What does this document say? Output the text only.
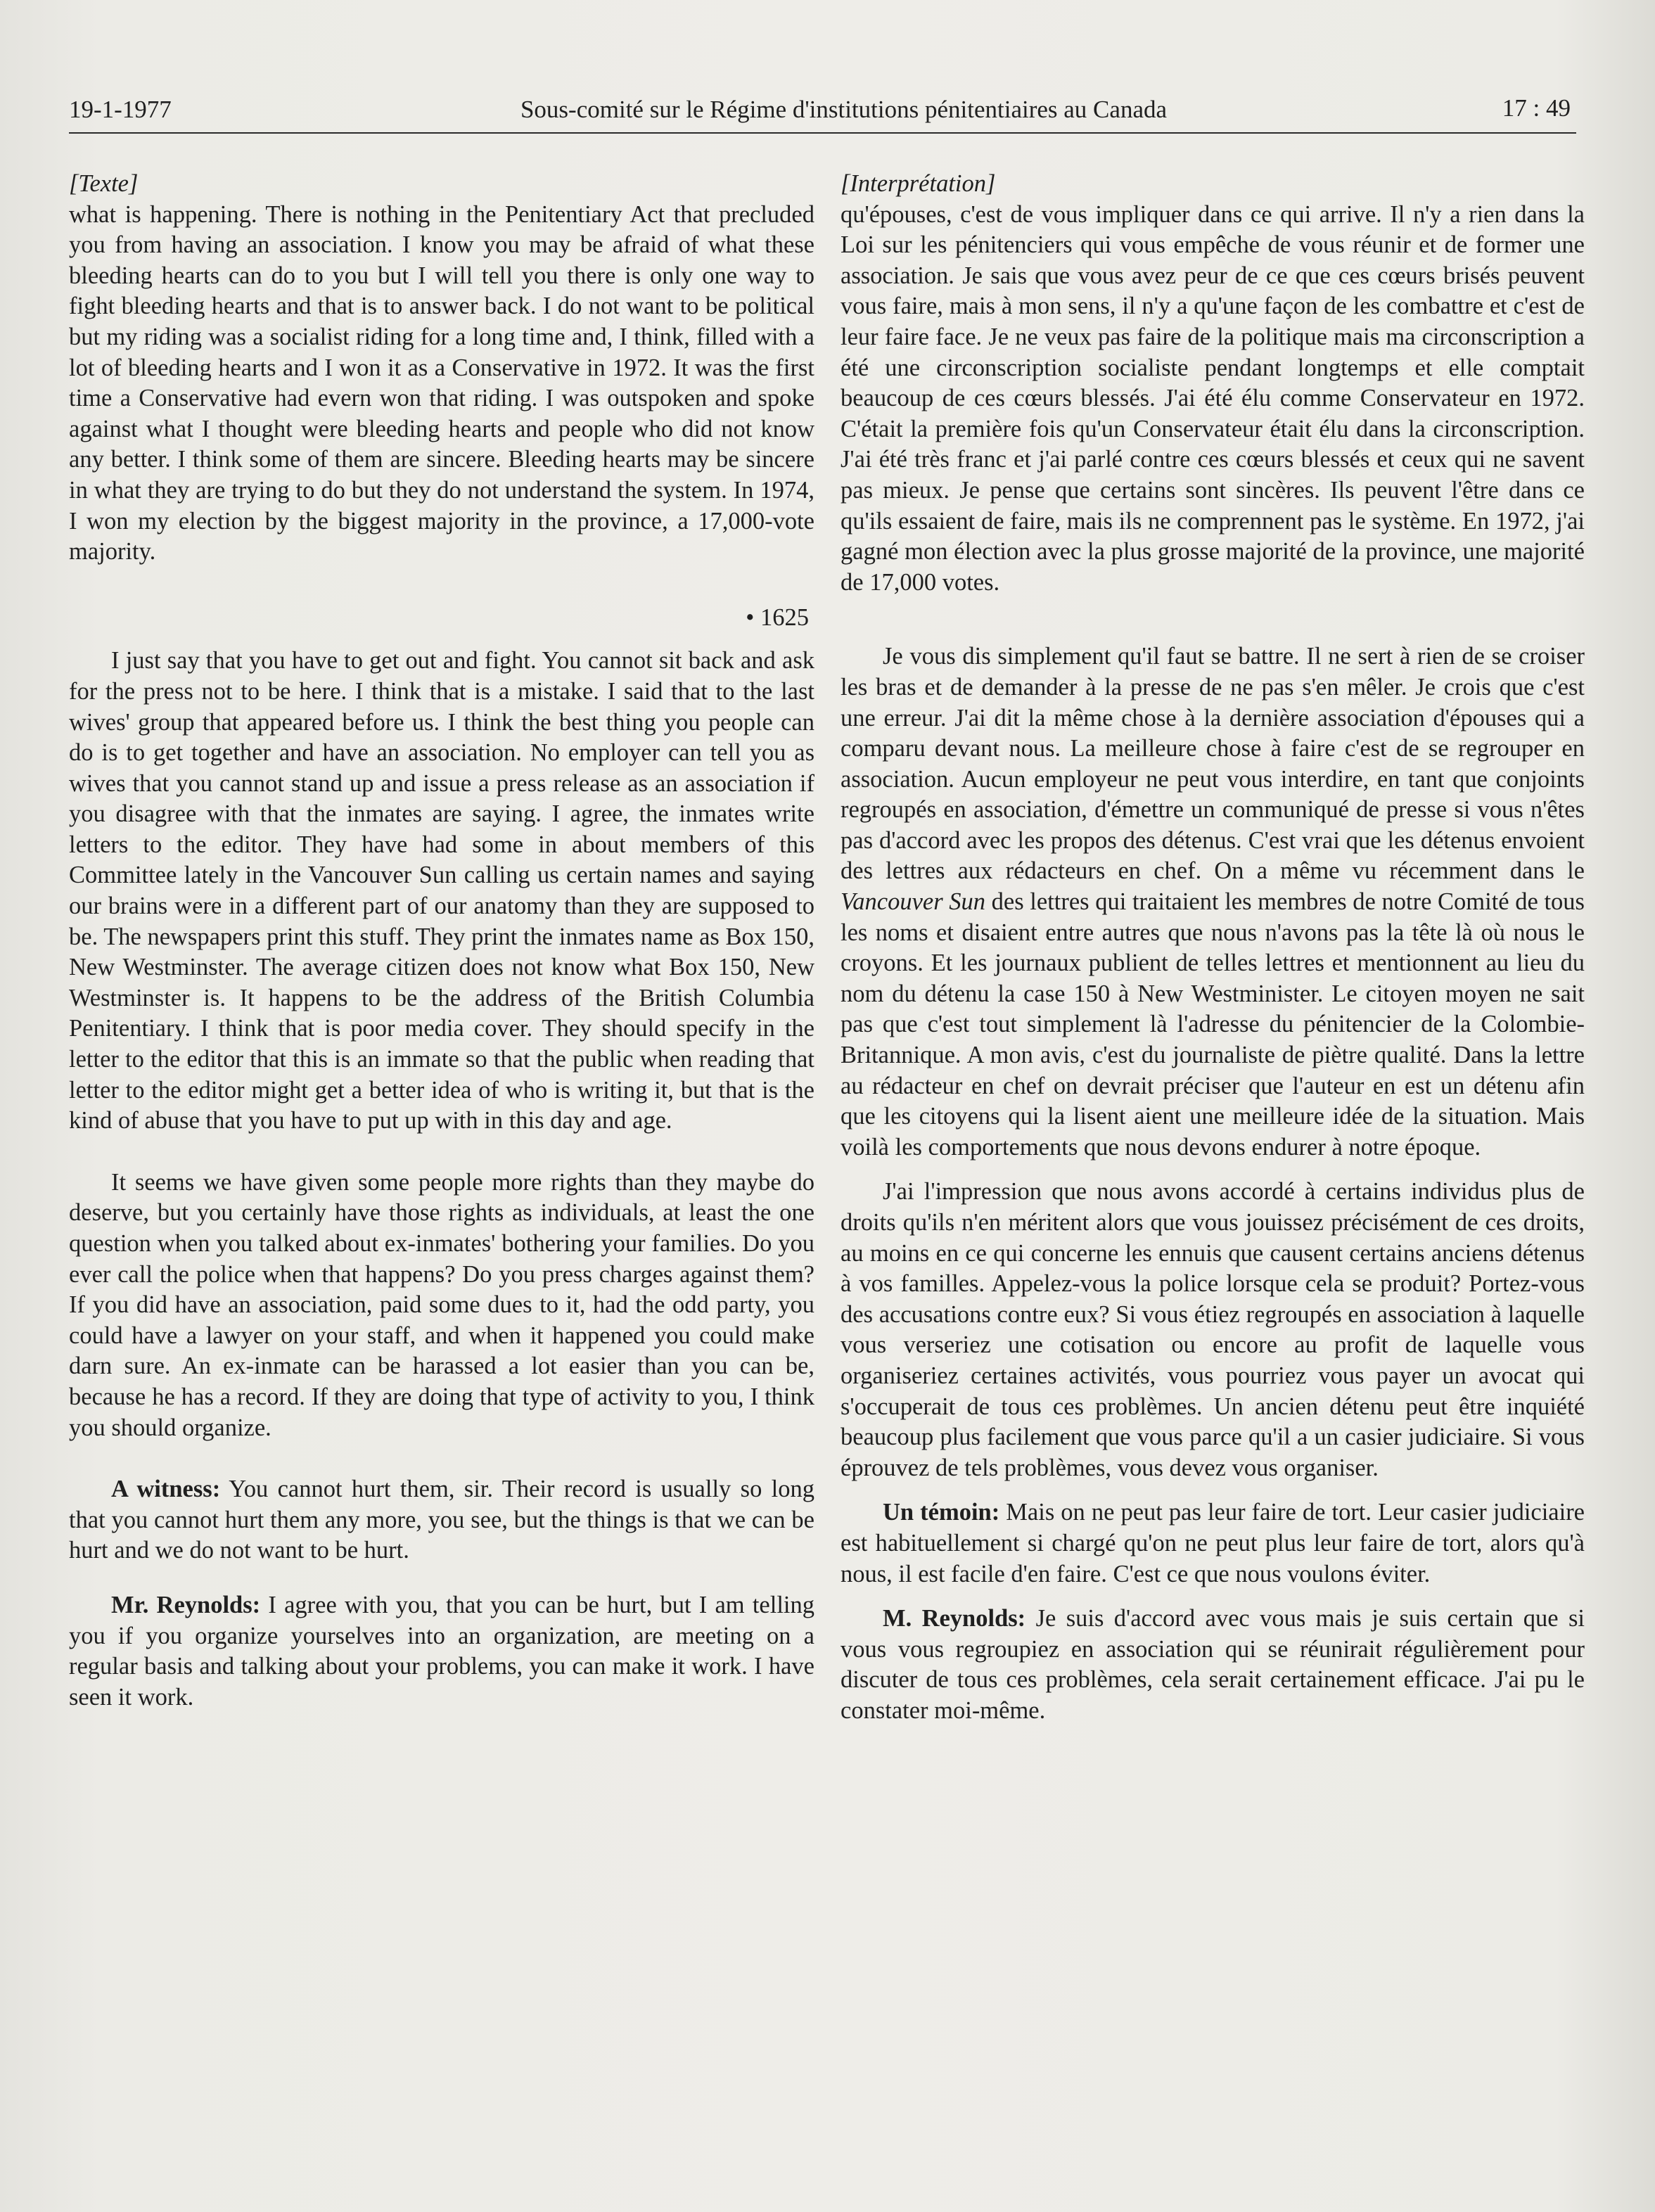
19-1-1977	Sous-comité sur le Régime d'institutions pénitentiaires au Canada	17 : 49

[Texte]

what is happening. There is nothing in the Penitentiary Act that precluded you from having an association. I know you may be afraid of what these bleeding hearts can do to you but I will tell you there is only one way to fight bleeding hearts and that is to answer back. I do not want to be political but my riding was a socialist riding for a long time and, I think, filled with a lot of bleeding hearts and I won it as a Conservative in 1972. It was the first time a Conservative had evern won that riding. I was outspoken and spoke against what I thought were bleeding hearts and people who did not know any better. I think some of them are sincere. Bleeding hearts may be sincere in what they are trying to do but they do not understand the system. In 1974, I won my election by the biggest majority in the province, a 17,000-vote majority.

• 1625

I just say that you have to get out and fight. You cannot sit back and ask for the press not to be here. I think that is a mistake. I said that to the last wives' group that appeared before us. I think the best thing you people can do is to get together and have an association. No employer can tell you as wives that you cannot stand up and issue a press release as an association if you disagree with that the inmates are saying. I agree, the inmates write letters to the editor. They have had some in about members of this Committee lately in the Vancouver Sun calling us certain names and saying our brains were in a different part of our anatomy than they are supposed to be. The newspapers print this stuff. They print the inmates name as Box 150, New Westminster. The average citizen does not know what Box 150, New Westminster is. It happens to be the address of the British Columbia Penitentiary. I think that is poor media cover. They should specify in the letter to the editor that this is an immate so that the public when reading that letter to the editor might get a better idea of who is writing it, but that is the kind of abuse that you have to put up with in this day and age.

It seems we have given some people more rights than they maybe do deserve, but you certainly have those rights as individuals, at least the one question when you talked about ex-inmates' bothering your families. Do you ever call the police when that happens? Do you press charges against them? If you did have an association, paid some dues to it, had the odd party, you could have a lawyer on your staff, and when it happened you could make darn sure. An ex-inmate can be harassed a lot easier than you can be, because he has a record. If they are doing that type of activity to you, I think you should organize.

A witness: You cannot hurt them, sir. Their record is usually so long that you cannot hurt them any more, you see, but the things is that we can be hurt and we do not want to be hurt.

Mr. Reynolds: I agree with you, that you can be hurt, but I am telling you if you organize yourselves into an organization, are meeting on a regular basis and talking about your problems, you can make it work. I have seen it work.

[Interprétation]

qu'épouses, c'est de vous impliquer dans ce qui arrive. Il n'y a rien dans la Loi sur les pénitenciers qui vous empêche de vous réunir et de former une association. Je sais que vous avez peur de ce que ces cœurs brisés peuvent vous faire, mais à mon sens, il n'y a qu'une façon de les combattre et c'est de leur faire face. Je ne veux pas faire de la politique mais ma circonscription a été une circonscription socialiste pendant longtemps et elle comptait beaucoup de ces cœurs blessés. J'ai été élu comme Conservateur en 1972. C'était la première fois qu'un Conservateur était élu dans la circonscription. J'ai été très franc et j'ai parlé contre ces cœurs blessés et ceux qui ne savent pas mieux. Je pense que certains sont sincères. Ils peuvent l'être dans ce qu'ils essaient de faire, mais ils ne comprennent pas le système. En 1972, j'ai gagné mon élection avec la plus grosse majorité de la province, une majorité de 17,000 votes.

Je vous dis simplement qu'il faut se battre. Il ne sert à rien de se croiser les bras et de demander à la presse de ne pas s'en mêler. Je crois que c'est une erreur. J'ai dit la même chose à la dernière association d'épouses qui a comparu devant nous. La meilleure chose à faire c'est de se regrouper en association. Aucun employeur ne peut vous interdire, en tant que conjoints regroupés en association, d'émettre un communiqué de presse si vous n'êtes pas d'accord avec les propos des détenus. C'est vrai que les détenus envoient des lettres aux rédacteurs en chef. On a même vu récemment dans le Vancouver Sun des lettres qui traitaient les membres de notre Comité de tous les noms et disaient entre autres que nous n'avons pas la tête là où nous le croyons. Et les journaux publient de telles lettres et mentionnent au lieu du nom du détenu la case 150 à New Westminister. Le citoyen moyen ne sait pas que c'est tout simplement là l'adresse du pénitencier de la Colombie-Britannique. A mon avis, c'est du journaliste de piètre qualité. Dans la lettre au rédacteur en chef on devrait préciser que l'auteur en est un détenu afin que les citoyens qui la lisent aient une meilleure idée de la situation. Mais voilà les comportements que nous devons endurer à notre époque.

J'ai l'impression que nous avons accordé à certains individus plus de droits qu'ils n'en méritent alors que vous jouissez précisément de ces droits, au moins en ce qui concerne les ennuis que causent certains anciens détenus à vos familles. Appelez-vous la police lorsque cela se produit? Portez-vous des accusations contre eux? Si vous étiez regroupés en association à laquelle vous verseriez une cotisation ou encore au profit de laquelle vous organiseriez certaines activités, vous pourriez vous payer un avocat qui s'occuperait de tous ces problèmes. Un ancien détenu peut être inquiété beaucoup plus facilement que vous parce qu'il a un casier judiciaire. Si vous éprouvez de tels problèmes, vous devez vous organiser.

Un témoin: Mais on ne peut pas leur faire de tort. Leur casier judiciaire est habituellement si chargé qu'on ne peut plus leur faire de tort, alors qu'à nous, il est facile d'en faire. C'est ce que nous voulons éviter.

M. Reynolds: Je suis d'accord avec vous mais je suis certain que si vous vous regroupiez en association qui se réunirait régulièrement pour discuter de tous ces problèmes, cela serait certainement efficace. J'ai pu le constater moi-même.
